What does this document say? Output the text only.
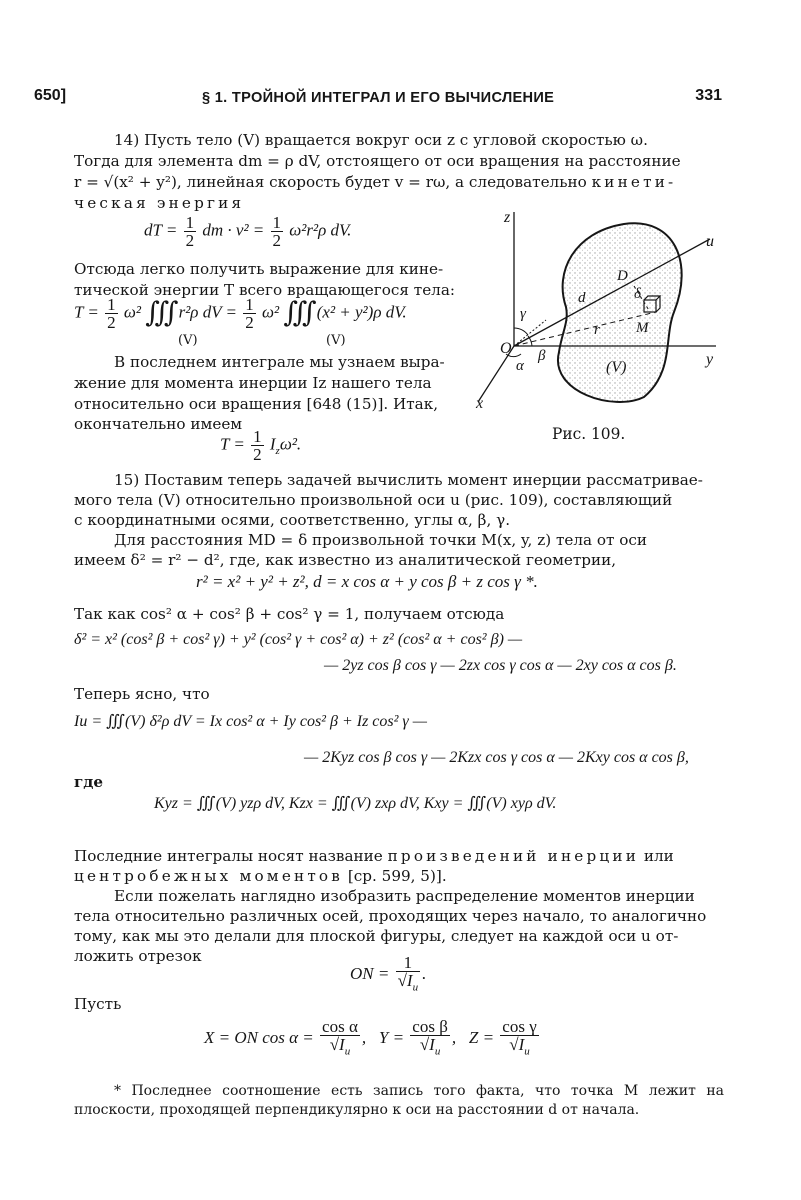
650]	§ 1. ТРОЙНОЙ ИНТЕГРАЛ И ЕГО ВЫЧИСЛЕНИЕ	331
14) Пусть тело (V) вращается вокруг оси z с угловой скоростью ω.
Тогда для элемента dm = ρ dV, отстоящего от оси вращения на расстояние
r = √(x² + y²), линейная скорость будет v = rω, а следовательно кинети-
ческая энергия
dT = $\frac{1}{2}$ dm · $v^2 = \frac{1}{2} \omega^2r^2\rho$ dV.
Отсюда легко получить выражение для кине-
тической энергии T всего вращающегося тела:
$T = \frac{1}{2} \omega^2$ ∭ r²ρ dV = $\frac{1}{2} \omega^2$ ∭ (x² + y²)ρ dV.
(V)	(V)
В последнем интеграле мы узнаем выра-
жение для момента инерции Iz нашего тела
относительно оси вращения [648 (15)]. Итак,
окончательно имеем
$T = \frac{1}{2} I_z\omega^2$.
z
u
y
x
O
D
d	δ
M
r
γ
β
α	(V)
Рис. 109.
15) Поставим теперь задачей вычислить момент инерции рассматривае-
мого тела (V) относительно произвольной оси u (рис. 109), составляющий
с координатными осями, соответственно, углы α, β, γ.
Для расстояния MD = δ произвольной точки M(x, y, z) тела от оси
имеем δ² = r² − d², где, как известно из аналитической геометрии,
r² = x² + y² + z², d = x cos α + y cos β + z cos γ *.
Так как cos² α + cos² β + cos² γ = 1, получаем отсюда
δ² = x² (cos² β + cos² γ) + y² (cos² γ + cos² α) + z² (cos² α + cos² β) —
— 2yz cos β cos γ — 2zx cos γ cos α — 2xy cos α cos β.
Теперь ясно, что
Iu = ∭(V) δ²ρ dV = Ix cos² α + Iy cos² β + Iz cos² γ —
— 2Kyz cos β cos γ — 2Kzx cos γ cos α — 2Kxy cos α cos β,
где
Kyz = ∭(V) yzρ dV, Kzx = ∭(V) zxρ dV, Kxy = ∭(V) xyρ dV.
Последние интегралы носят название произведений инерции или
центробежных моментов [ср. 599, 5)].
Если пожелать наглядно изобразить распределение моментов инерции
тела относительно различных осей, проходящих через начало, то аналогично
тому, как мы это делали для плоской фигуры, следует на каждой оси u от-
ложить отрезок
ON = $\frac{1}{√I_u}$ .
Пусть
X = ON $\cos \alpha = \frac{\text{cos α}}{√I_u}$ ,   $Y = \frac{\text{cos β}}{√I_u}$ ,   $Z = \frac{\text{cos γ}}{√I_u}$
* Последнее соотношение есть запись того факта, что точка M лежит на плоскости, проходящей перпендикулярно к оси на расстоянии d от начала.
